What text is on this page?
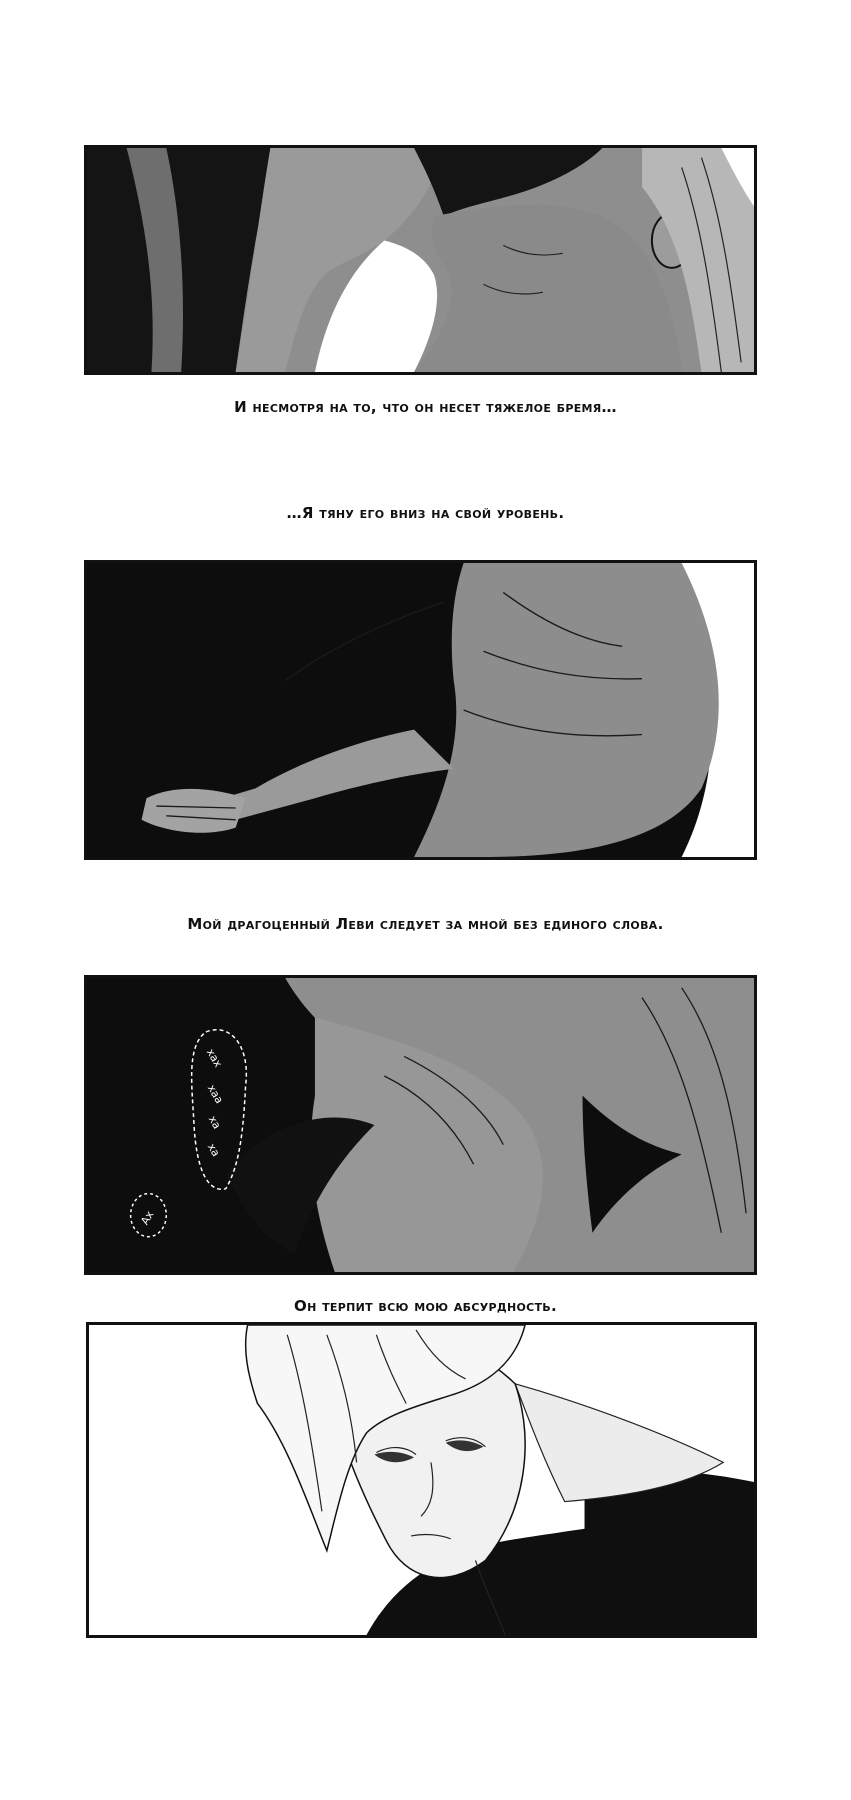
И несмотря на то, что он несет тяжелое бремя…
…Я тяну его вниз на свой уровень.
Мой драгоценный Леви следует за мной без единого слова.
хах
хаа
ха
ха
Ах
Он терпит всю мою абсурдность.
